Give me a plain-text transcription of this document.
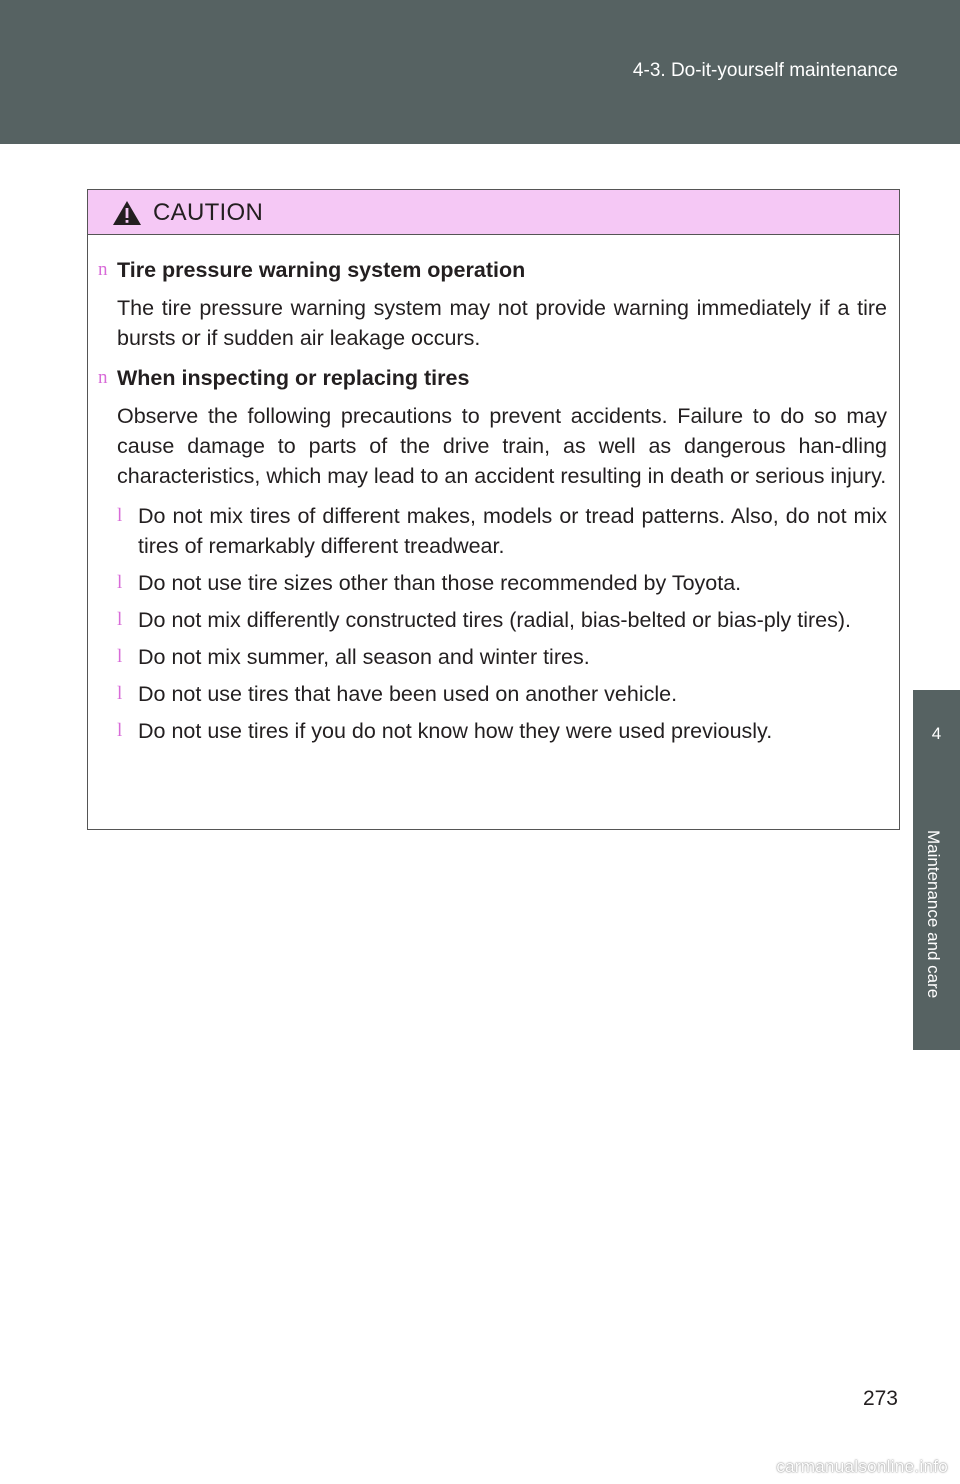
4-3. Do-it-yourself maintenance
4
Maintenance and care
CAUTION
n Tire pressure warning system operation
The tire pressure warning system may not provide warning immediately if a tire bursts or if sudden air leakage occurs.
n When inspecting or replacing tires
Observe the following precautions to prevent accidents. Failure to do so may cause damage to parts of the drive train, as well as dangerous han-dling characteristics, which may lead to an accident resulting in death or serious injury.
l Do not mix tires of different makes, models or tread patterns. Also, do not mix tires of remarkably different treadwear.
l Do not use tire sizes other than those recommended by Toyota.
l Do not mix differently constructed tires (radial, bias-belted or bias-ply tires).
l Do not mix summer, all season and winter tires.
l Do not use tires that have been used on another vehicle.
l Do not use tires if you do not know how they were used previously.
273
carmanualsonline.info
